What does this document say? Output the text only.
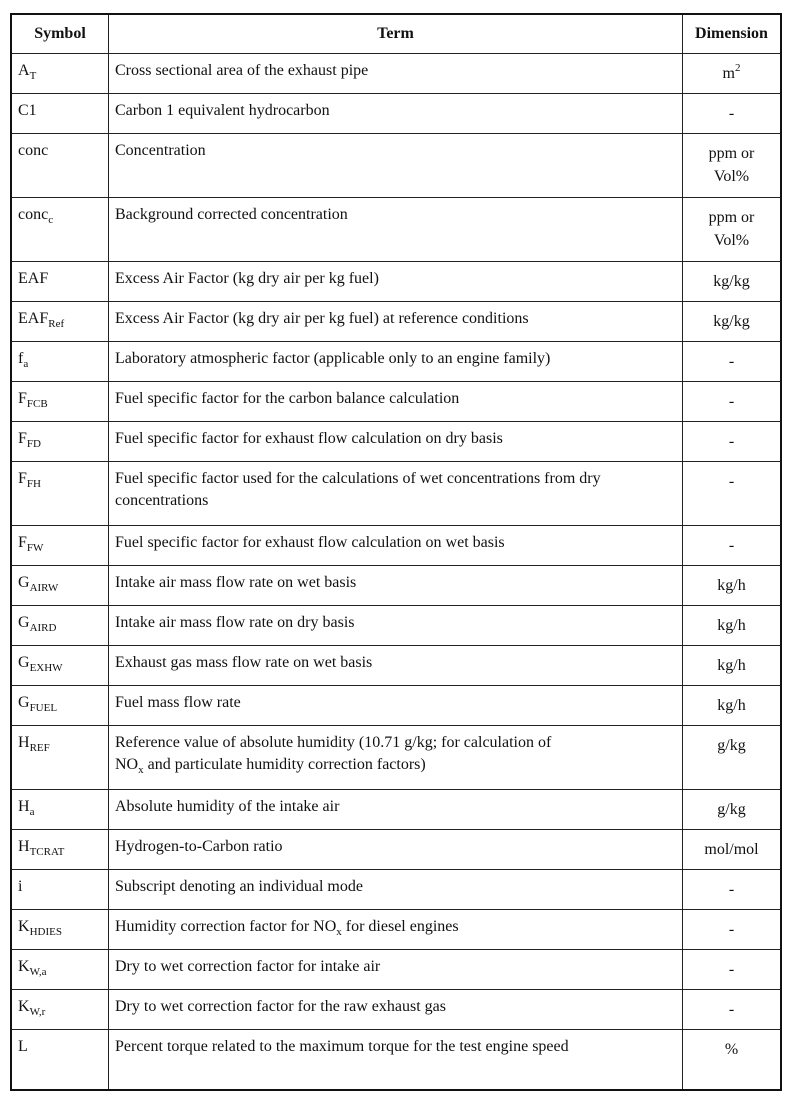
Symbol	Term	Dimension
$A_T$	Cross sectional area of the exhaust pipe	$m^2$
C1	Carbon 1 equivalent hydrocarbon	-
conc	Concentration	ppm or
Vol%

conc$_c$	Background corrected concentration	ppm or
Vol%

EAF	Excess Air Factor (kg dry air per kg fuel)	kg/kg
$EAF_{Ref}$	Excess Air Factor (kg dry air per kg fuel) at reference conditions	kg/kg
$f_a$	Laboratory atmospheric factor (applicable only to an engine family)	-
$F_{FCB}$	Fuel specific factor for the carbon balance calculation	-
$F_{FD}$	Fuel specific factor for exhaust flow calculation on dry basis	-
$F_{FH}$	Fuel specific factor used for the calculations of wet concentrations from dry concentrations	-
$F_{FW}$	Fuel specific factor for exhaust flow calculation on wet basis	-
$G_{AIRW}$	Intake air mass flow rate on wet basis	kg/h
$G_{AIRD}$	Intake air mass flow rate on dry basis	kg/h
$G_{EXHW}$	Exhaust gas mass flow rate on wet basis	kg/h
$G_{FUEL}$	Fuel mass flow rate	kg/h
$H_{REF}$	Reference value of absolute humidity (10.71 g/kg; for calculation of
$NO_x$ and particulate humidity correction factors)	g/kg
$H_a$	Absolute humidity of the intake air	g/kg
$H_{TCRAT}$	Hydrogen-to-Carbon ratio	mol/mol
i	Subscript denoting an individual mode	-
$K_{HDIES}$	Humidity correction factor for $NO_x$ for diesel engines	-
$K_{W,a}$	Dry to wet correction factor for intake air	-
$K_{W,r}$	Dry to wet correction factor for the raw exhaust gas	-
L	Percent torque related to the maximum torque for the test engine speed	%
